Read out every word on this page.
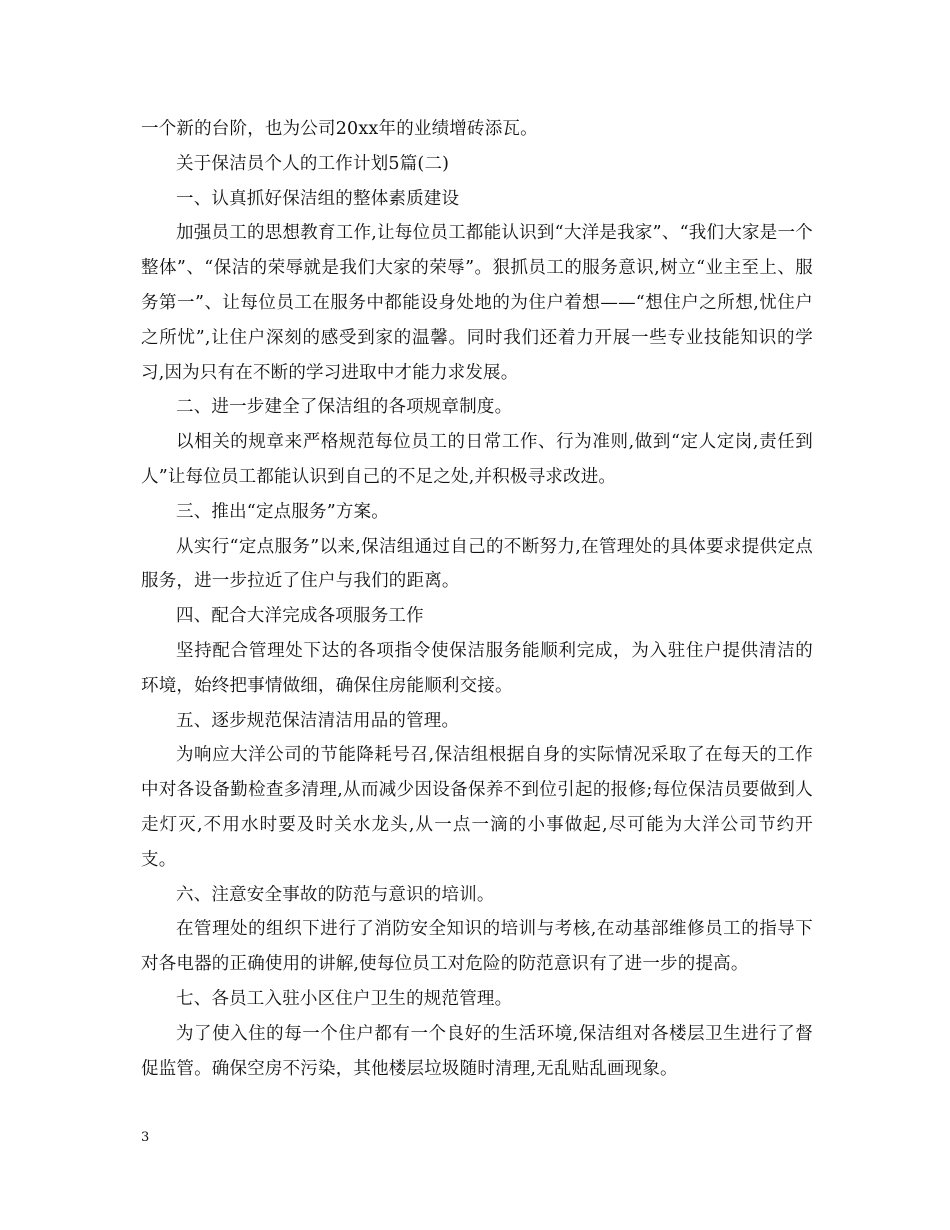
一个新的台阶，也为公司20xx年的业绩增砖添瓦。

关于保洁员个人的工作计划5篇(二)

一、认真抓好保洁组的整体素质建设

加强员工的思想教育工作,让每位员工都能认识到“大洋是我家”、“我们大家是一个整体”、“保洁的荣辱就是我们大家的荣辱”。狠抓员工的服务意识,树立“业主至上、服务第一”、让每位员工在服务中都能设身处地的为住户着想——“想住户之所想,忧住户之所忧”,让住户深刻的感受到家的温馨。同时我们还着力开展一些专业技能知识的学习,因为只有在不断的学习进取中才能力求发展。

二、进一步建全了保洁组的各项规章制度。

以相关的规章来严格规范每位员工的日常工作、行为准则,做到“定人定岗,责任到人”让每位员工都能认识到自己的不足之处,并积极寻求改进。

三、推出“定点服务”方案。

从实行“定点服务”以来,保洁组通过自己的不断努力,在管理处的具体要求提供定点服务，进一步拉近了住户与我们的距离。

四、配合大洋完成各项服务工作

坚持配合管理处下达的各项指令使保洁服务能顺利完成，为入驻住户提供清洁的环境，始终把事情做细，确保住房能顺利交接。

五、逐步规范保洁清洁用品的管理。

为响应大洋公司的节能降耗号召,保洁组根据自身的实际情况采取了在每天的工作中对各设备勤检查多清理,从而减少因设备保养不到位引起的报修;每位保洁员要做到人走灯灭,不用水时要及时关水龙头,从一点一滴的小事做起,尽可能为大洋公司节约开支。

六、注意安全事故的防范与意识的培训。

在管理处的组织下进行了消防安全知识的培训与考核,在动基部维修员工的指导下对各电器的正确使用的讲解,使每位员工对危险的防范意识有了进一步的提高。

七、各员工入驻小区住户卫生的规范管理。

为了使入住的每一个住户都有一个良好的生活环境,保洁组对各楼层卫生进行了督促监管。确保空房不污染，其他楼层垃圾随时清理,无乱贴乱画现象。

3
